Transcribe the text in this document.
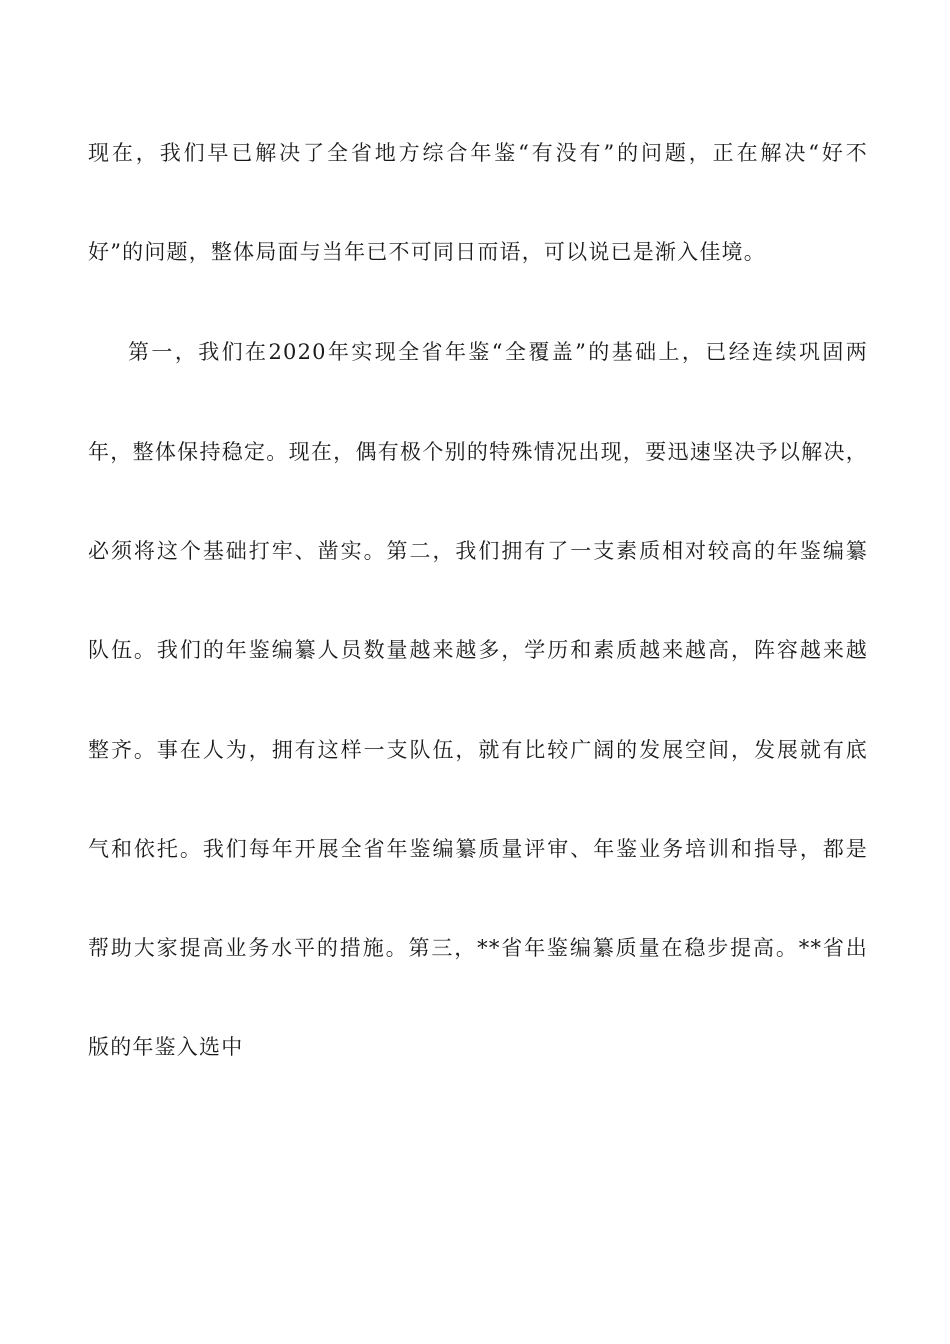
现在，我们早已解决了全省地方综合年鉴“有没有”的问题，正在解决“好不
好”的问题，整体局面与当年已不可同日而语，可以说已是渐入佳境。
第一，我们在2020年实现全省年鉴“全覆盖”的基础上，已经连续巩固两
年，整体保持稳定。现在，偶有极个别的特殊情况出现，要迅速坚决予以解决，
必须将这个基础打牢、凿实。第二，我们拥有了一支素质相对较高的年鉴编纂
队伍。我们的年鉴编纂人员数量越来越多，学历和素质越来越高，阵容越来越
整齐。事在人为，拥有这样一支队伍，就有比较广阔的发展空间，发展就有底
气和依托。我们每年开展全省年鉴编纂质量评审、年鉴业务培训和指导，都是
帮助大家提高业务水平的措施。第三，**省年鉴编纂质量在稳步提高。**省出
版的年鉴入选中
